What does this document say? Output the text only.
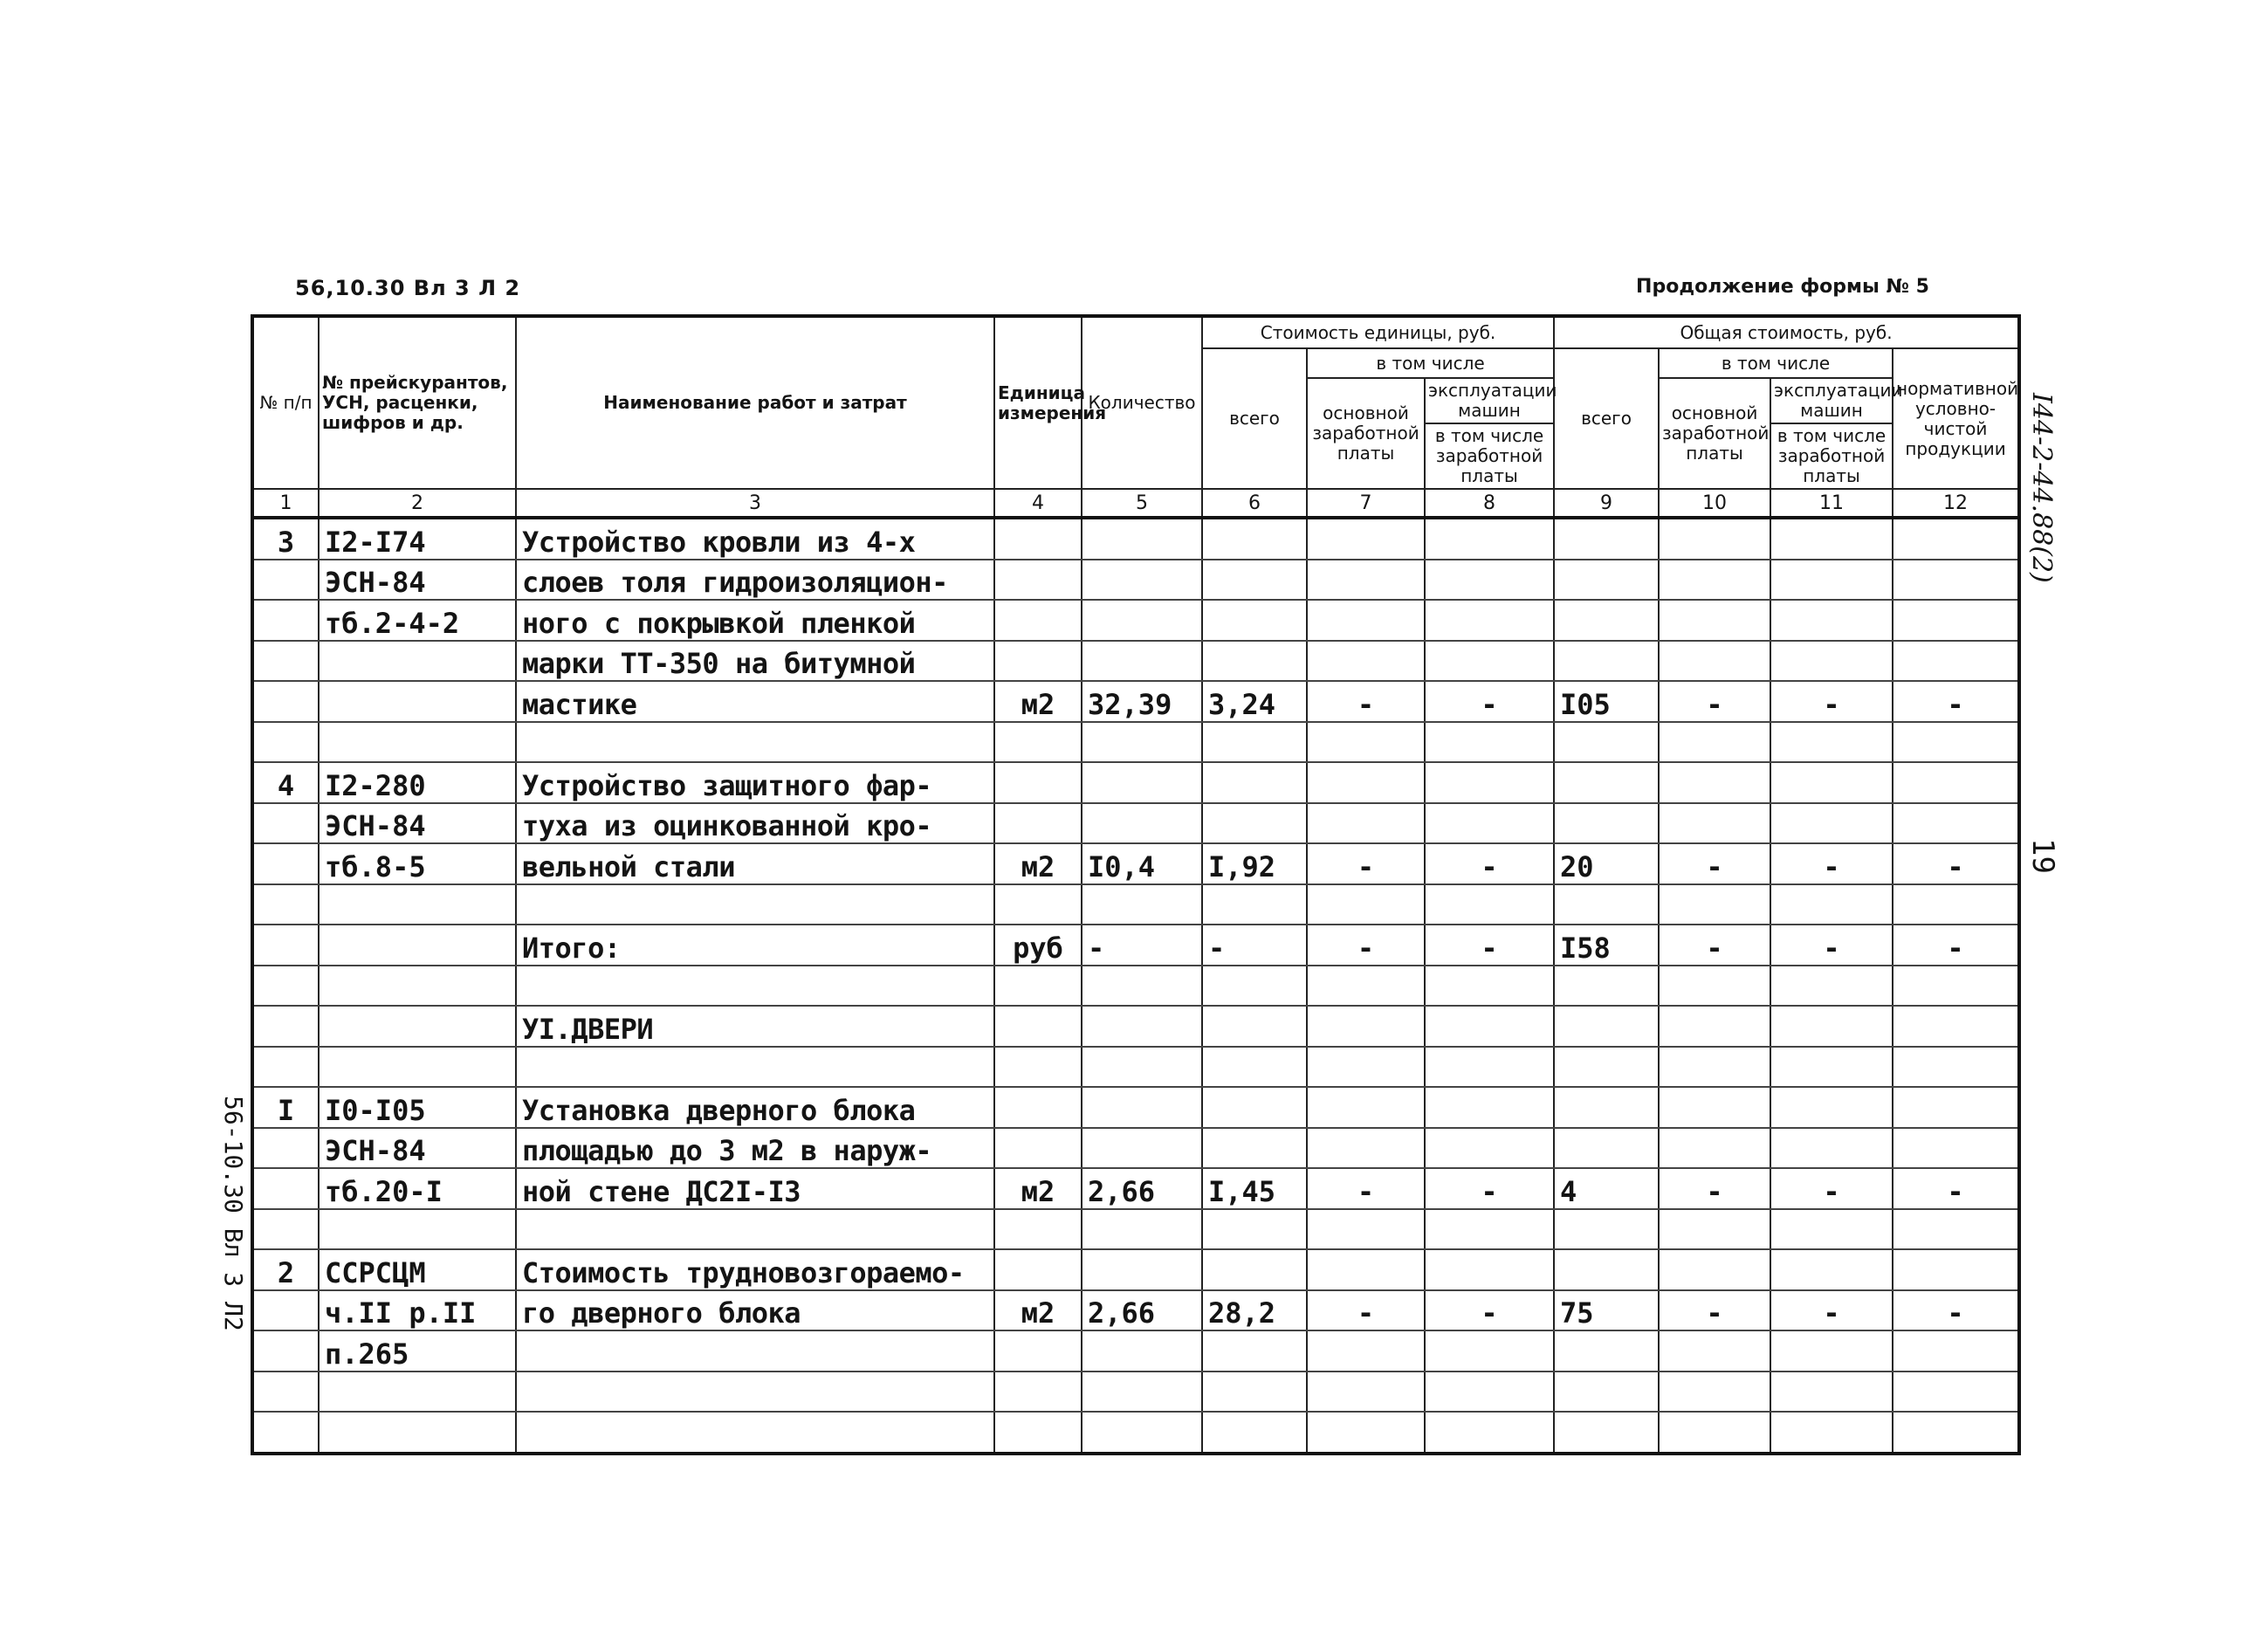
56,10.30 Вл 3 Л 2	Продолжение формы № 5
№ п/п	№ прейскурантов, УСН, расценки, шифров и др.	Наименование работ и затрат	Единица измерения	Количество	Стоимость единицы, руб.			Общая стоимость, руб.			
					всего	в том числе		всего	в том числе		нормативной условно-чистой продукции
						основной заработной платы	эксплуатации машин		основной заработной платы	эксплуатации машин	
							в том числе заработной платы			в том числе заработной платы	
1	2	3	4	5	6	7	8	9	10	11	12
3	I2-I74	Устройство кровли из 4-х									
	ЭСН-84	слоев толя гидроизоляцион-									
	тб.2-4-2	ного с покрывкой пленкой									
		марки ТТ-350 на битумной									
		мастике	м2	32,39	3,24	-	-	I05	-	-	-

4	I2-280	Устройство защитного фар-									
	ЭСН-84	туха из оцинкованной кро-									
	тб.8-5	вельной стали	м2	I0,4	I,92	-	-	20	-	-	-

		Итого:	руб	-	-	-	-	I58	-	-	-

		УI.ДВЕРИ									

I	I0-I05	Установка дверного блока									
	ЭСН-84	площадью до 3 м2 в наруж-									
	тб.20-I	ной стене ДС2I-I3	м2	2,66	I,45	-	-	4	-	-	-

2	ССРСЦМ	Стоимость трудновозгораемо-									
	ч.II р.II	го дверного блока	м2	2,66	28,2	-	-	75	-	-	-
	п.265										

I44-2-44.88(2)
19
56-10.30 Вл 3 Л2
